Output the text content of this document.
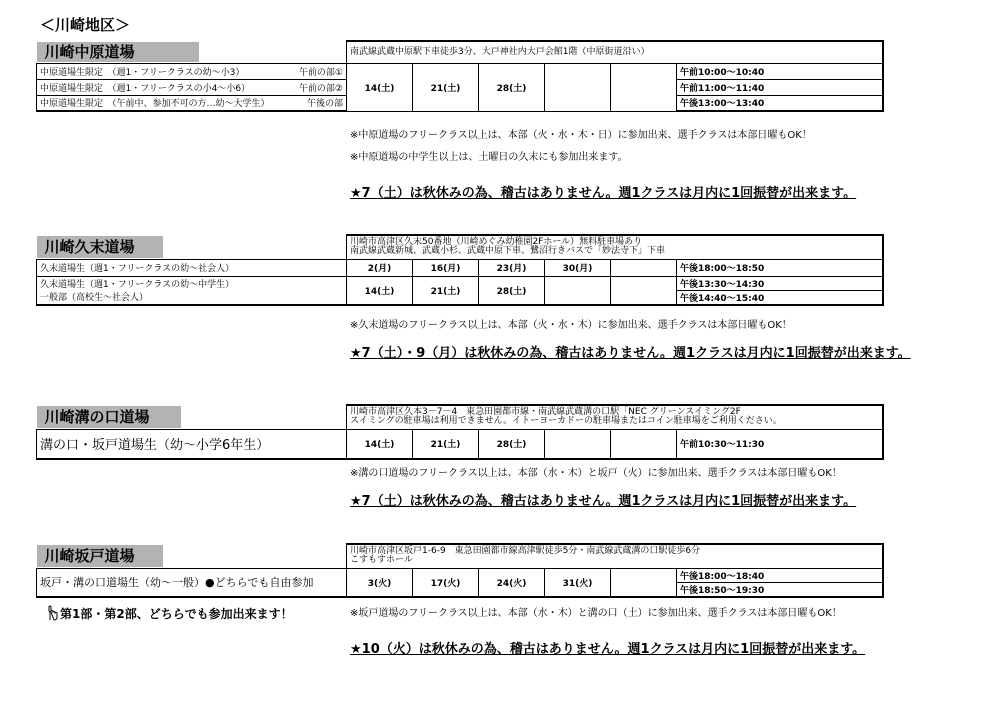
＜川崎地区＞
川崎中原道場	南武線武蔵中原駅下車徒歩3分、大戸神社内大戸会館1階（中原街道沿い）					
中原道場生限定　（週1・フリークラスの幼～小3） 午前の部①	14(土)	21(土)	28(土)			午前10:00～10:40
中原道場生限定　（週1・フリークラスの小4～小6） 午前の部②						午前11:00～11:40
中原道場生限定　（午前中、参加不可の方…幼～大学生） 午後の部						午後13:00～13:40
※中原道場のフリークラス以上は、本部（火・水・木・日）に参加出来、選手クラスは本部日曜もOK！
※中原道場の中学生以上は、土曜日の久末にも参加出来ます。
★7（土）は秋休みの為、稽古はありません。週1クラスは月内に1回振替が出来ます。
川崎久末道場	川崎市高津区久末50番地（川崎めぐみ幼稚園2Fホール）無料駐車場あり
南武線武蔵新城、武蔵小杉、武蔵中原下車、鷺沼行きバスで「妙法寺下」下車					

久末道場生（週1・フリークラスの幼～社会人）	2(月)	16(月)	23(月)	30(月)		午後18:00～18:50
久末道場生（週1・フリークラスの幼～中学生）	14(土)	21(土)	28(土)			午後13:30～14:30
一般部（高校生～社会人）						午後14:40～15:40
※久末道場のフリークラス以上は、本部（火・水・木）に参加出来、選手クラスは本部日曜もOK！
★7（土）・9（月）は秋休みの為、稽古はありません。週1クラスは月内に1回振替が出来ます。
川崎溝の口道場	川崎市高津区久本3－7－4　東急田園都市線・南武線武蔵溝の口駅「NEC グリーンスイミング2F
スイミングの駐車場は利用できません。イトーヨーカドーの駐車場またはコイン駐車場をご利用ください。					

溝の口・坂戸道場生（幼～小学6年生）	14(土)	21(土)	28(土)			午前10:30～11:30
※溝の口道場のフリークラス以上は、本部（水・木）と坂戸（火）に参加出来、選手クラスは本部日曜もOK！
★7（土）は秋休みの為、稽古はありません。週1クラスは月内に1回振替が出来ます。
川崎坂戸道場	川崎市高津区坂戸1-6-9　東急田園都市線高津駅徒歩5分・南武線武蔵溝の口駅徒歩6分
こすもすホール					

坂戸・溝の口道場生（幼～一般）●どちらでも自由参加	3(火)	17(火)	24(火)	31(火)		午後18:00～18:40
						午後18:50～19:30
第1部・第2部、どちらでも参加出来ます！	※坂戸道場のフリークラス以上は、本部（水・木）と溝の口（土）に参加出来、選手クラスは本部日曜もOK！
★10（火）は秋休みの為、稽古はありません。週1クラスは月内に1回振替が出来ます。
